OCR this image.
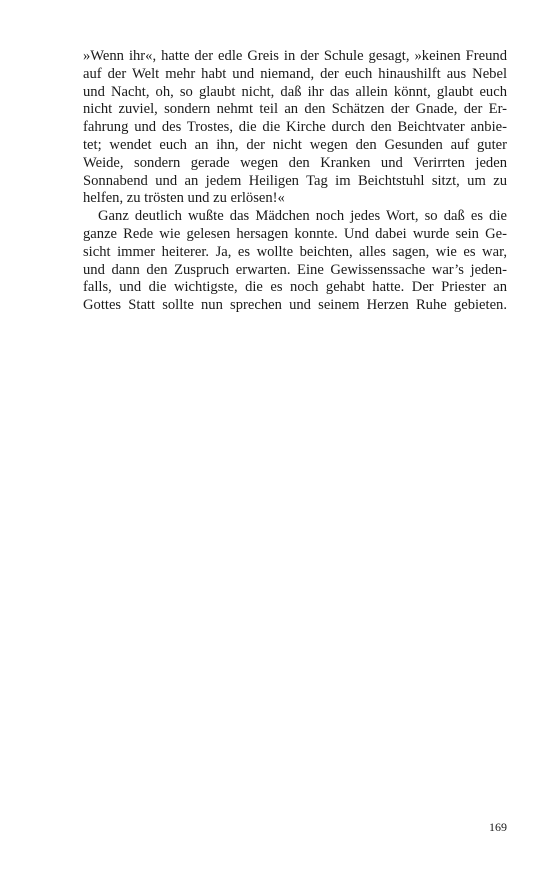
»Wenn ihr«, hatte der edle Greis in der Schule gesagt, »keinen Freund
auf der Welt mehr habt und niemand, der euch hinaushilft aus Nebel
und Nacht, oh, so glaubt nicht, daß ihr das allein könnt, glaubt euch
nicht zuviel, sondern nehmt teil an den Schätzen der Gnade, der Er-
fahrung und des Trostes, die die Kirche durch den Beichtvater anbie-
tet; wendet euch an ihn, der nicht wegen den Gesunden auf guter
Weide, sondern gerade wegen den Kranken und Verirrten jeden
Sonnabend und an jedem Heiligen Tag im Beichtstuhl sitzt, um zu
helfen, zu trösten und zu erlösen!«
Ganz deutlich wußte das Mädchen noch jedes Wort, so daß es die
ganze Rede wie gelesen hersagen konnte. Und dabei wurde sein Ge-
sicht immer heiterer. Ja, es wollte beichten, alles sagen, wie es war,
und dann den Zuspruch erwarten. Eine Gewissenssache war’s jeden-
falls, und die wichtigste, die es noch gehabt hatte. Der Priester an
Gottes Statt sollte nun sprechen und seinem Herzen Ruhe gebieten.
169
